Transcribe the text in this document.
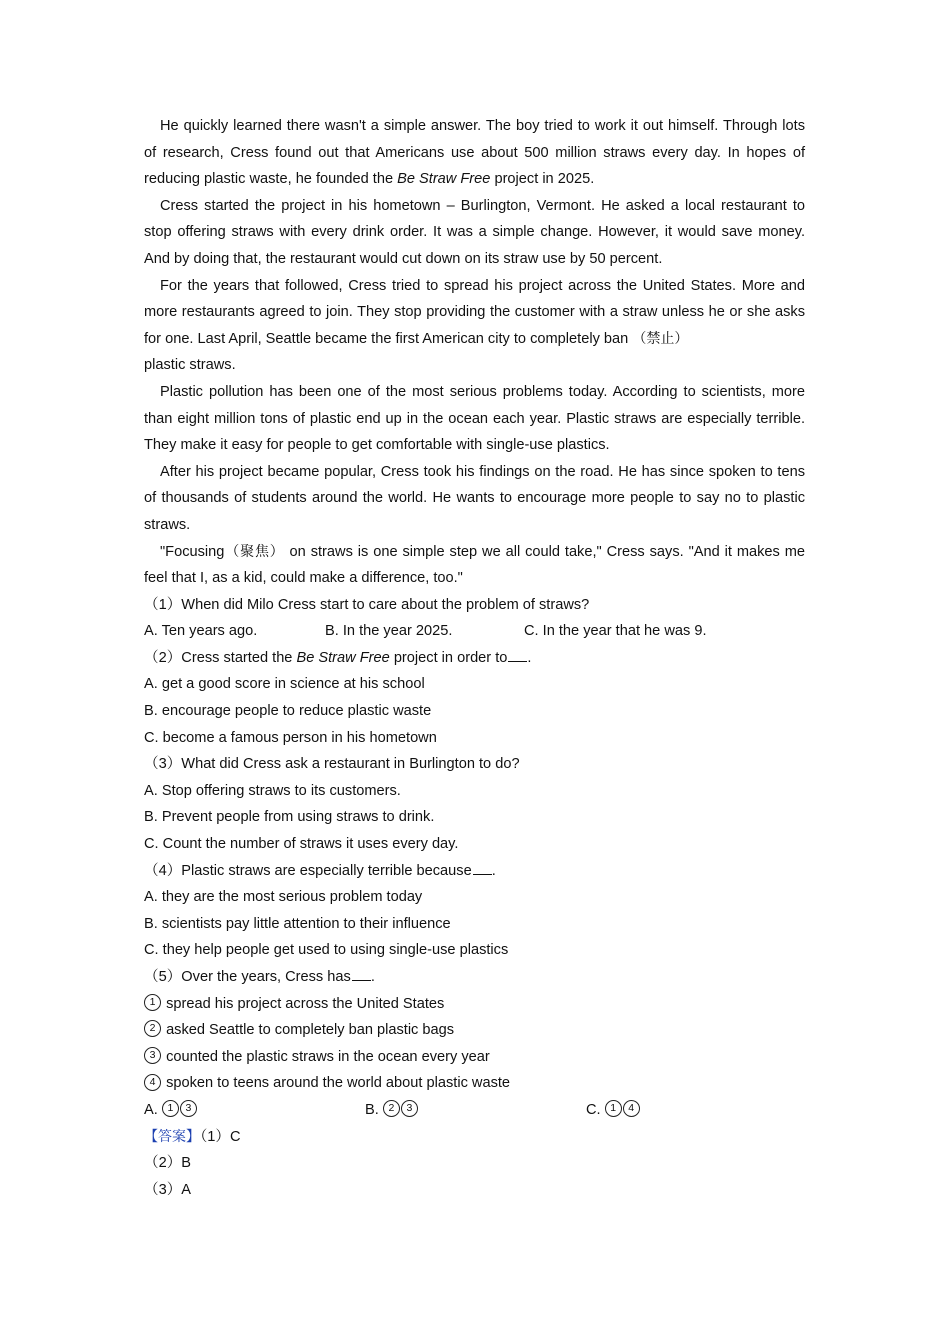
He quickly learned there wasn't a simple answer. The boy tried to work it out himself. Through lots of research, Cress found out that Americans use about 500 million straws every day. In hopes of reducing plastic waste, he founded the Be Straw Free project in 2025.

Cress started the project in his hometown – Burlington, Vermont. He asked a local restaurant to stop offering straws with every drink order. It was a simple change. However, it would save money. And by doing that, the restaurant would cut down on its straw use by 50 percent.

For the years that followed, Cress tried to spread his project across the United States. More and more restaurants agreed to join. They stop providing the customer with a straw unless he or she asks for one. Last April, Seattle became the first American city to completely ban （禁止）
plastic straws.

Plastic pollution has been one of the most serious problems today. According to scientists, more than eight million tons of plastic end up in the ocean each year. Plastic straws are especially terrible. They make it easy for people to get comfortable with single-use plastics.

After his project became popular, Cress took his findings on the road. He has since spoken to tens of thousands of students around the world. He wants to encourage more people to say no to plastic straws.

"Focusing（聚焦） on straws is one simple step we all could take," Cress says. "And it makes me feel that I, as a kid, could make a difference, too."

（1）When did Milo Cress start to care about the problem of straws?

A. Ten years ago.	B. In the year 2025.	C. In the year that he was 9.

（2）Cress started the Be Straw Free project in order to .

A. get a good score in science at his school

B. encourage people to reduce plastic waste

C. become a famous person in his hometown

（3）What did Cress ask a restaurant in Burlington to do?

A. Stop offering straws to its customers.

B. Prevent people from using straws to drink.

C. Count the number of straws it uses every day.

（4）Plastic straws are especially terrible because .

A. they are the most serious problem today

B. scientists pay little attention to their influence

C. they help people get used to using single-use plastics

（5）Over the years, Cress has .

1 spread his project across the United States

2 asked Seattle to completely ban plastic bags

3 counted the plastic straws in the ocean every year

4 spoken to teens around the world about plastic waste

A. 1 3	B. 2 3	C. 1 4

【答案】（1）C

（2）B

（3）A
